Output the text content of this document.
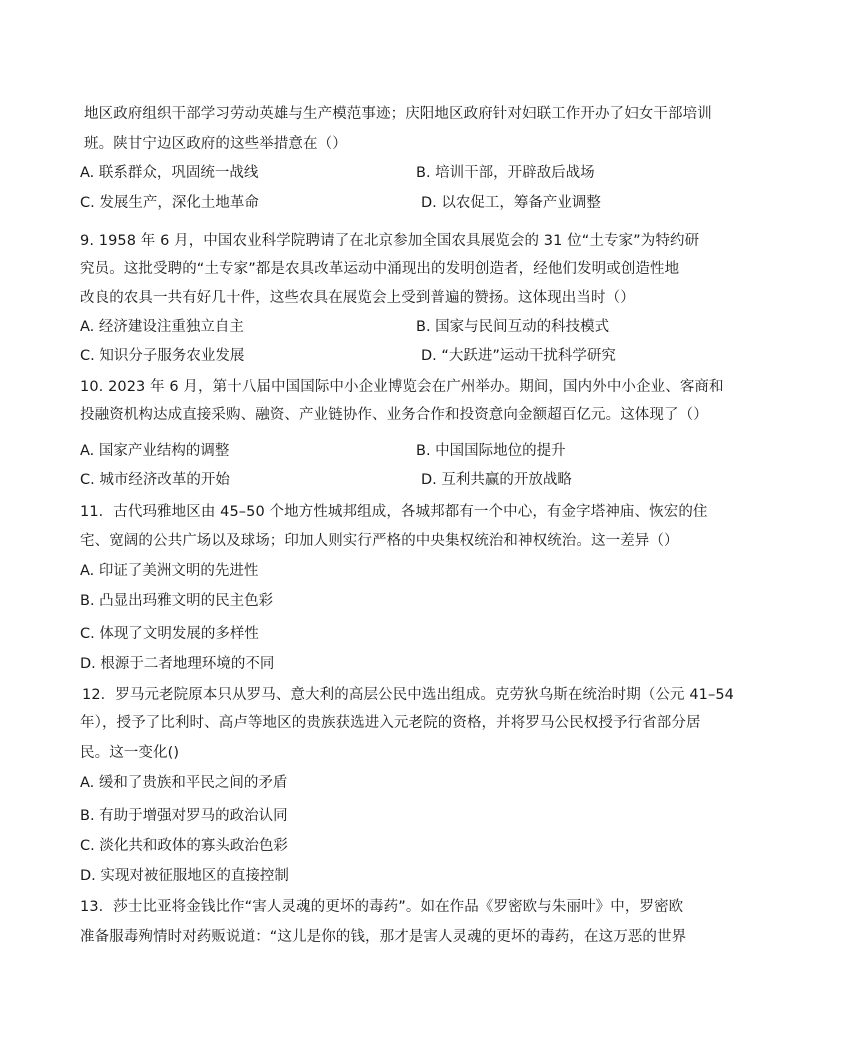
地区政府组织干部学习劳动英雄与生产模范事迹；庆阳地区政府针对妇联工作开办了妇女干部培训
班。陕甘宁边区政府的这些举措意在（）
A. 联系群众，巩固统一战线	B. 培训干部，开辟敌后战场
C. 发展生产，深化土地革命	D. 以农促工，筹备产业调整
9. 1958 年 6 月，中国农业科学院聘请了在北京参加全国农具展览会的 31 位“土专家”为特约研
究员。这批受聘的“土专家”都是农具改革运动中涌现出的发明创造者，经他们发明或创造性地
改良的农具一共有好几十件，这些农具在展览会上受到普遍的赞扬。这体现出当时（）
A. 经济建设注重独立自主	B. 国家与民间互动的科技模式
C. 知识分子服务农业发展	D. “大跃进”运动干扰科学研究
10. 2023 年 6 月，第十八届中国国际中小企业博览会在广州举办。期间，国内外中小企业、客商和
投融资机构达成直接采购、融资、产业链协作、业务合作和投资意向金额超百亿元。这体现了（）
A. 国家产业结构的调整	B. 中国国际地位的提升
C. 城市经济改革的开始	D. 互利共赢的开放战略
11．古代玛雅地区由 45–50 个地方性城邦组成，各城邦都有一个中心，有金字塔神庙、恢宏的住
宅、宽阔的公共广场以及球场；印加人则实行严格的中央集权统治和神权统治。这一差异（）
A. 印证了美洲文明的先进性
B. 凸显出玛雅文明的民主色彩
C. 体现了文明发展的多样性
D. 根源于二者地理环境的不同
12．罗马元老院原本只从罗马、意大利的高层公民中选出组成。克劳狄乌斯在统治时期（公元 41–54
年），授予了比利时、高卢等地区的贵族获选进入元老院的资格，并将罗马公民权授予行省部分居
民。这一变化()
A. 缓和了贵族和平民之间的矛盾
B. 有助于增强对罗马的政治认同
C. 淡化共和政体的寡头政治色彩
D. 实现对被征服地区的直接控制
13．莎士比亚将金钱比作“害人灵魂的更坏的毒药”。如在作品《罗密欧与朱丽叶》中，罗密欧
准备服毒殉情时对药贩说道：“这儿是你的钱，那才是害人灵魂的更坏的毒药，在这万恶的世界
